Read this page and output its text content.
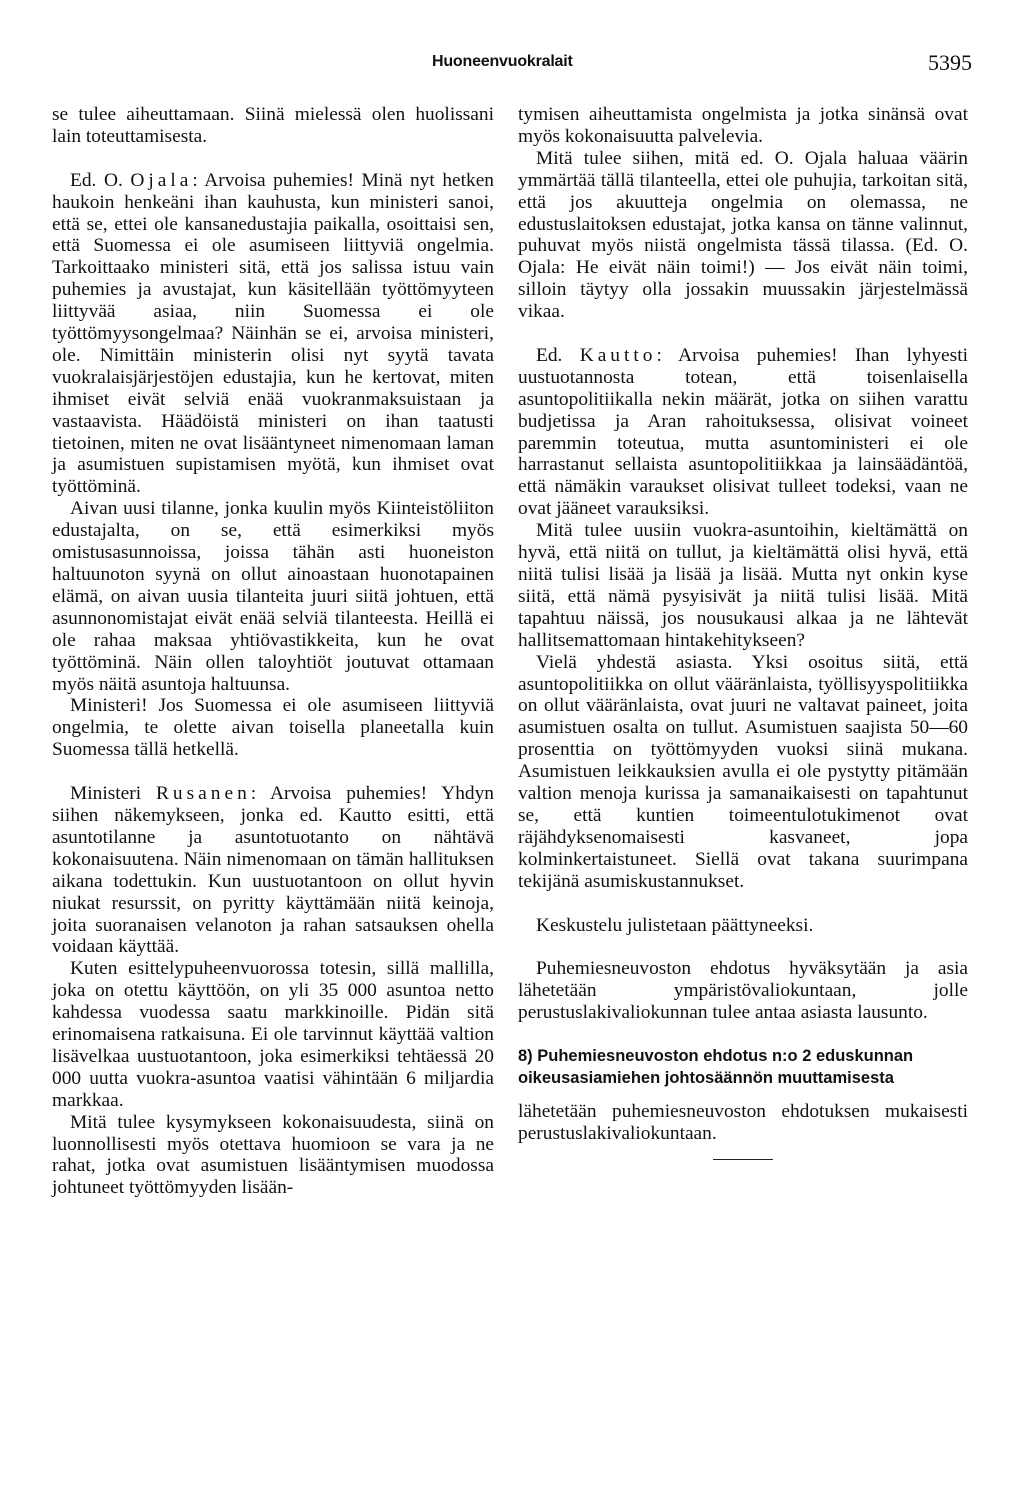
Huoneenvuokralait	5395

se tulee aiheuttamaan. Siinä mielessä olen huolissani lain toteuttamisesta.

Ed. O. Ojala: Arvoisa puhemies! Minä nyt hetken haukoin henkeäni ihan kauhusta, kun ministeri sanoi, että se, ettei ole kansanedustajia paikalla, osoittaisi sen, että Suomessa ei ole asumiseen liittyviä ongelmia. Tarkoittaako ministeri sitä, että jos salissa istuu vain puhemies ja avustajat, kun käsitellään työttömyyteen liittyvää asiaa, niin Suomessa ei ole työttömyysongelmaa? Näinhän se ei, arvoisa ministeri, ole. Nimittäin ministerin olisi nyt syytä tavata vuokralaisjärjestöjen edustajia, kun he kertovat, miten ihmiset eivät selviä enää vuokranmaksuistaan ja vastaavista. Häädöistä ministeri on ihan taatusti tietoinen, miten ne ovat lisääntyneet nimenomaan laman ja asumistuen supistamisen myötä, kun ihmiset ovat työttöminä.

Aivan uusi tilanne, jonka kuulin myös Kiinteistöliiton edustajalta, on se, että esimerkiksi myös omistusasunnoissa, joissa tähän asti huoneiston haltuunoton syynä on ollut ainoastaan huonotapainen elämä, on aivan uusia tilanteita juuri siitä johtuen, että asunnonomistajat eivät enää selviä tilanteesta. Heillä ei ole rahaa maksaa yhtiövastikkeita, kun he ovat työttöminä. Näin ollen taloyhtiöt joutuvat ottamaan myös näitä asuntoja haltuunsa.

Ministeri! Jos Suomessa ei ole asumiseen liittyviä ongelmia, te olette aivan toisella planeetalla kuin Suomessa tällä hetkellä.

Ministeri Rusanen: Arvoisa puhemies! Yhdyn siihen näkemykseen, jonka ed. Kautto esitti, että asuntotilanne ja asuntotuotanto on nähtävä kokonaisuutena. Näin nimenomaan on tämän hallituksen aikana todettukin. Kun uustuotantoon on ollut hyvin niukat resurssit, on pyritty käyttämään niitä keinoja, joita suoranaisen velanoton ja rahan satsauksen ohella voidaan käyttää.

Kuten esittelypuheenvuorossa totesin, sillä mallilla, joka on otettu käyttöön, on yli 35 000 asuntoa netto kahdessa vuodessa saatu markkinoille. Pidän sitä erinomaisena ratkaisuna. Ei ole tarvinnut käyttää valtion lisävelkaa uustuotantoon, joka esimerkiksi tehtäessä 20 000 uutta vuokra-asuntoa vaatisi vähintään 6 miljardia markkaa.

Mitä tulee kysymykseen kokonaisuudesta, siinä on luonnollisesti myös otettava huomioon se vara ja ne rahat, jotka ovat asumistuen lisääntymisen muodossa johtuneet työttömyyden lisään-

tymisen aiheuttamista ongelmista ja jotka sinänsä ovat myös kokonaisuutta palvelevia.

Mitä tulee siihen, mitä ed. O. Ojala haluaa väärin ymmärtää tällä tilanteella, ettei ole puhujia, tarkoitan sitä, että jos akuutteja ongelmia on olemassa, ne edustuslaitoksen edustajat, jotka kansa on tänne valinnut, puhuvat myös niistä ongelmista tässä tilassa. (Ed. O. Ojala: He eivät näin toimi!) — Jos eivät näin toimi, silloin täytyy olla jossakin muussakin järjestelmässä vikaa.

Ed. Kautto: Arvoisa puhemies! Ihan lyhyesti uustuotannosta totean, että toisenlaisella asuntopolitiikalla nekin määrät, jotka on siihen varattu budjetissa ja Aran rahoituksessa, olisivat voineet paremmin toteutua, mutta asuntoministeri ei ole harrastanut sellaista asuntopolitiikkaa ja lainsäädäntöä, että nämäkin varaukset olisivat tulleet todeksi, vaan ne ovat jääneet varauksiksi.

Mitä tulee uusiin vuokra-asuntoihin, kieltämättä on hyvä, että niitä on tullut, ja kieltämättä olisi hyvä, että niitä tulisi lisää ja lisää ja lisää. Mutta nyt onkin kyse siitä, että nämä pysyisivät ja niitä tulisi lisää. Mitä tapahtuu näissä, jos nousukausi alkaa ja ne lähtevät hallitsemattomaan hintakehitykseen?

Vielä yhdestä asiasta. Yksi osoitus siitä, että asuntopolitiikka on ollut vääränlaista, työllisyyspolitiikka on ollut vääränlaista, ovat juuri ne valtavat paineet, joita asumistuen osalta on tullut. Asumistuen saajista 50—60 prosenttia on työttömyyden vuoksi siinä mukana. Asumistuen leikkauksien avulla ei ole pystytty pitämään valtion menoja kurissa ja samanaikaisesti on tapahtunut se, että kuntien toimeentulotukimenot ovat räjähdyksenomaisesti kasvaneet, jopa kolminkertaistuneet. Siellä ovat takana suurimpana tekijänä asumiskustannukset.

Keskustelu julistetaan päättyneeksi.

Puhemiesneuvoston ehdotus hyväksytään ja asia lähetetään ympäristövaliokuntaan, jolle perustuslakivaliokunnan tulee antaa asiasta lausunto.

8) Puhemiesneuvoston ehdotus n:o 2 eduskunnan oikeusasiamiehen johtosäännön muuttamisesta

lähetetään puhemiesneuvoston ehdotuksen mukaisesti perustuslakivaliokuntaan.
